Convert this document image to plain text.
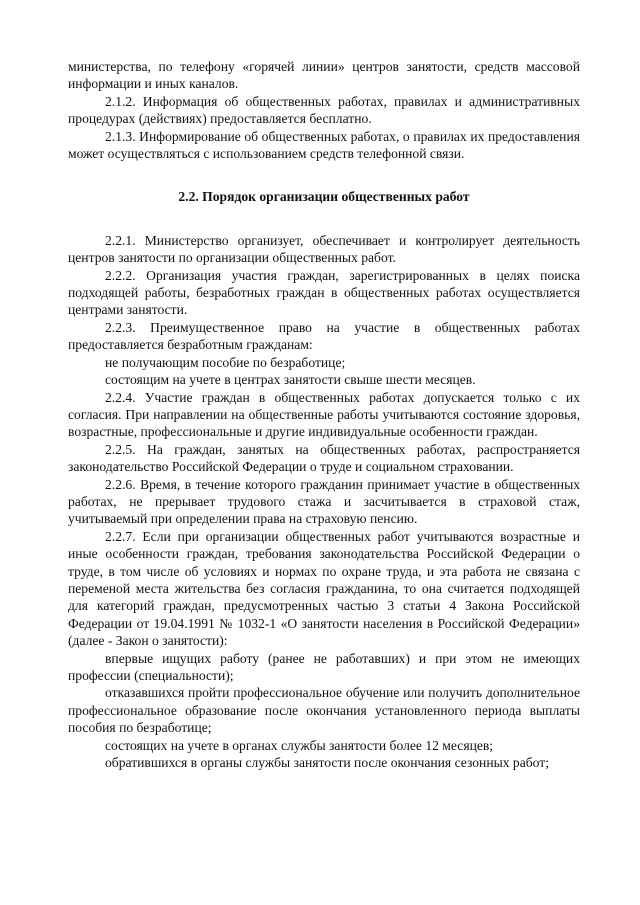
министерства, по телефону «горячей линии» центров занятости, средств массовой информации и иных каналов.

2.1.2. Информация об общественных работах, правилах и административных процедурах (действиях) предоставляется бесплатно.

2.1.3. Информирование об общественных работах, о правилах их предоставления может осуществляться с использованием средств телефонной связи.

2.2. Порядок организации общественных работ

2.2.1. Министерство организует, обеспечивает и контролирует деятельность центров занятости по организации общественных работ.

2.2.2. Организация участия граждан, зарегистрированных в целях поиска подходящей работы, безработных граждан в общественных работах осуществляется центрами занятости.

2.2.3. Преимущественное право на участие в общественных работах предоставляется безработным гражданам:

не получающим пособие по безработице;

состоящим на учете в центрах занятости свыше шести месяцев.

2.2.4. Участие граждан в общественных работах допускается только с их согласия. При направлении на общественные работы учитываются состояние здоровья, возрастные, профессиональные и другие индивидуальные особенности граждан.

2.2.5. На граждан, занятых на общественных работах, распространяется законодательство Российской Федерации о труде и социальном страховании.

2.2.6. Время, в течение которого гражданин принимает участие в общественных работах, не прерывает трудового стажа и засчитывается в страховой стаж, учитываемый при определении права на страховую пенсию.

2.2.7. Если при организации общественных работ учитываются возрастные и иные особенности граждан, требования законодательства Российской Федерации о труде, в том числе об условиях и нормах по охране труда, и эта работа не связана с переменой места жительства без согласия гражданина, то она считается подходящей для категорий граждан, предусмотренных частью 3 статьи 4 Закона Российской Федерации от 19.04.1991 № 1032-1 «О занятости населения в Российской Федерации» (далее - Закон о занятости):

впервые ищущих работу (ранее не работавших) и при этом не имеющих профессии (специальности);

отказавшихся пройти профессиональное обучение или получить дополнительное профессиональное образование после окончания установленного периода выплаты пособия по безработице;

состоящих на учете в органах службы занятости более 12 месяцев;

обратившихся в органы службы занятости после окончания сезонных работ;
